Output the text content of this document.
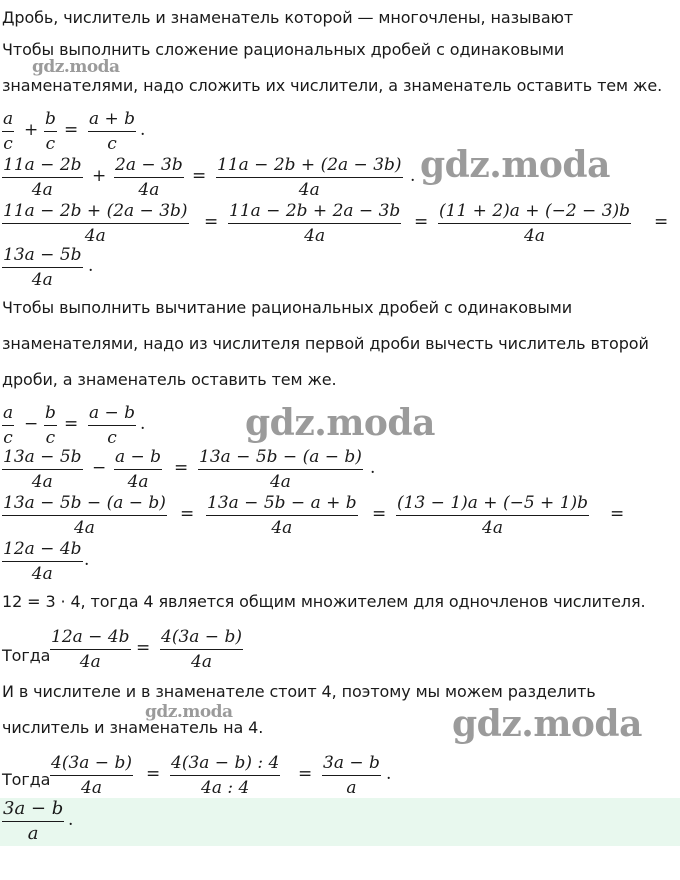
gdz.moda
gdz.moda
gdz.moda
gdz.moda	gdz.moda
Дробь, числитель и знаменатель которой — многочлены, называют
Чтобы выполнить сложение рациональных дробей с одинаковыми
знаменателями, надо сложить их числители, а знаменатель оставить тем же.
$\frac{a}{c} + \frac{b}{c} = \frac{a + b}{c}$ .
$\frac{11a - 2b}{4a} + \frac{2a - 3b}{4a} = \frac{11a - 2b + (2a - 3b)}{4a}$ .
$\frac{11a - 2b + (2a - 3b)}{4a} = \frac{11a - 2b + 2a - 3b}{4a} = \frac{(11 + 2)a + (-2 - 3)b}{4a}$ =
$\frac{13a - 5b}{4a}$ .
Чтобы выполнить вычитание рациональных дробей с одинаковыми
знаменателями, надо из числителя первой дроби вычесть числитель второй
дроби, а знаменатель оставить тем же.
$\frac{a}{c} - \frac{b}{c} = \frac{a - b}{c}$ .
$\frac{13a - 5b}{4a} - \frac{a - b}{4a} = \frac{13a - 5b - (a - b)}{4a}$ .
$\frac{13a - 5b - (a - b)}{4a} = \frac{13a - 5b - a + b}{4a} = \frac{(13 - 1)a + (-5 + 1)b}{4a}$ =
$\frac{12a - 4b}{4a}$ .
12 = 3 · 4, тогда 4 является общим множителем для одночленов числителя.
Тогда $\frac{12a - 4b}{4a} = \frac{4(3a - b)}{4a}$
И в числителе и в знаменателе стоит 4, поэтому мы можем разделить
числитель и знаменатель на 4.
Тогда $\frac{4(3a - b)}{4a} = \frac{4(3a - b) : 4}{4a : 4} = \frac{3a - b}{a}$ .
$\frac{3a - b}{a}$ .
